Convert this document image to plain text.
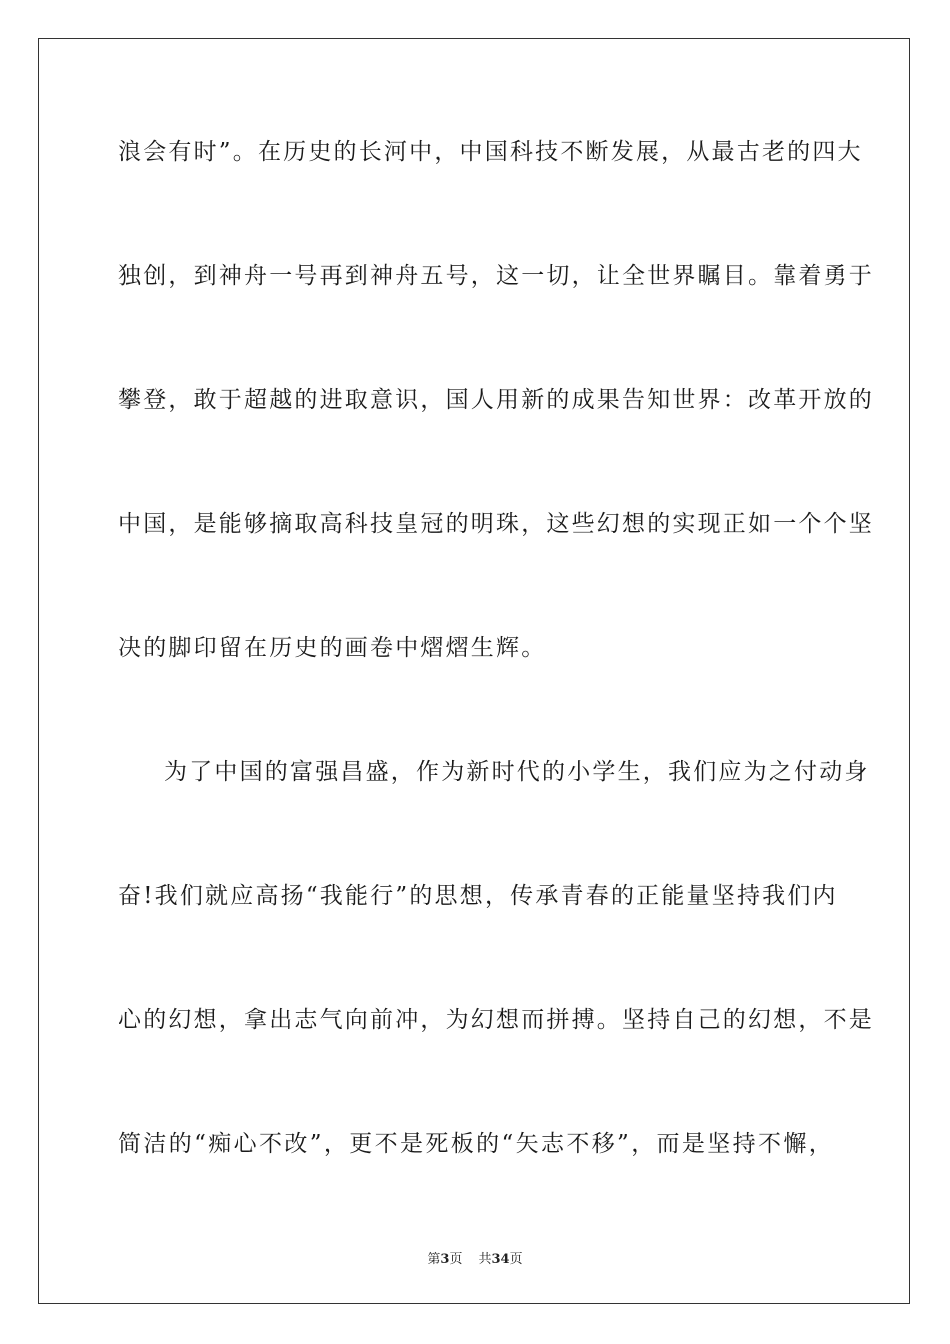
浪会有时”。在历史的长河中，中国科技不断发展，从最古老的四大
独创，到神舟一号再到神舟五号，这一切，让全世界瞩目。靠着勇于
攀登，敢于超越的进取意识，国人用新的成果告知世界：改革开放的
中国，是能够摘取高科技皇冠的明珠，这些幻想的实现正如一个个坚
决的脚印留在历史的画卷中熠熠生辉。
为了中国的富强昌盛，作为新时代的小学生，我们应为之付动身
奋!我们就应高扬“我能行”的思想，传承青春的正能量坚持我们内
心的幻想，拿出志气向前冲，为幻想而拼搏。坚持自己的幻想，不是
简洁的“痴心不改”，更不是死板的“矢志不移”，而是坚持不懈，
第3页 共34页
